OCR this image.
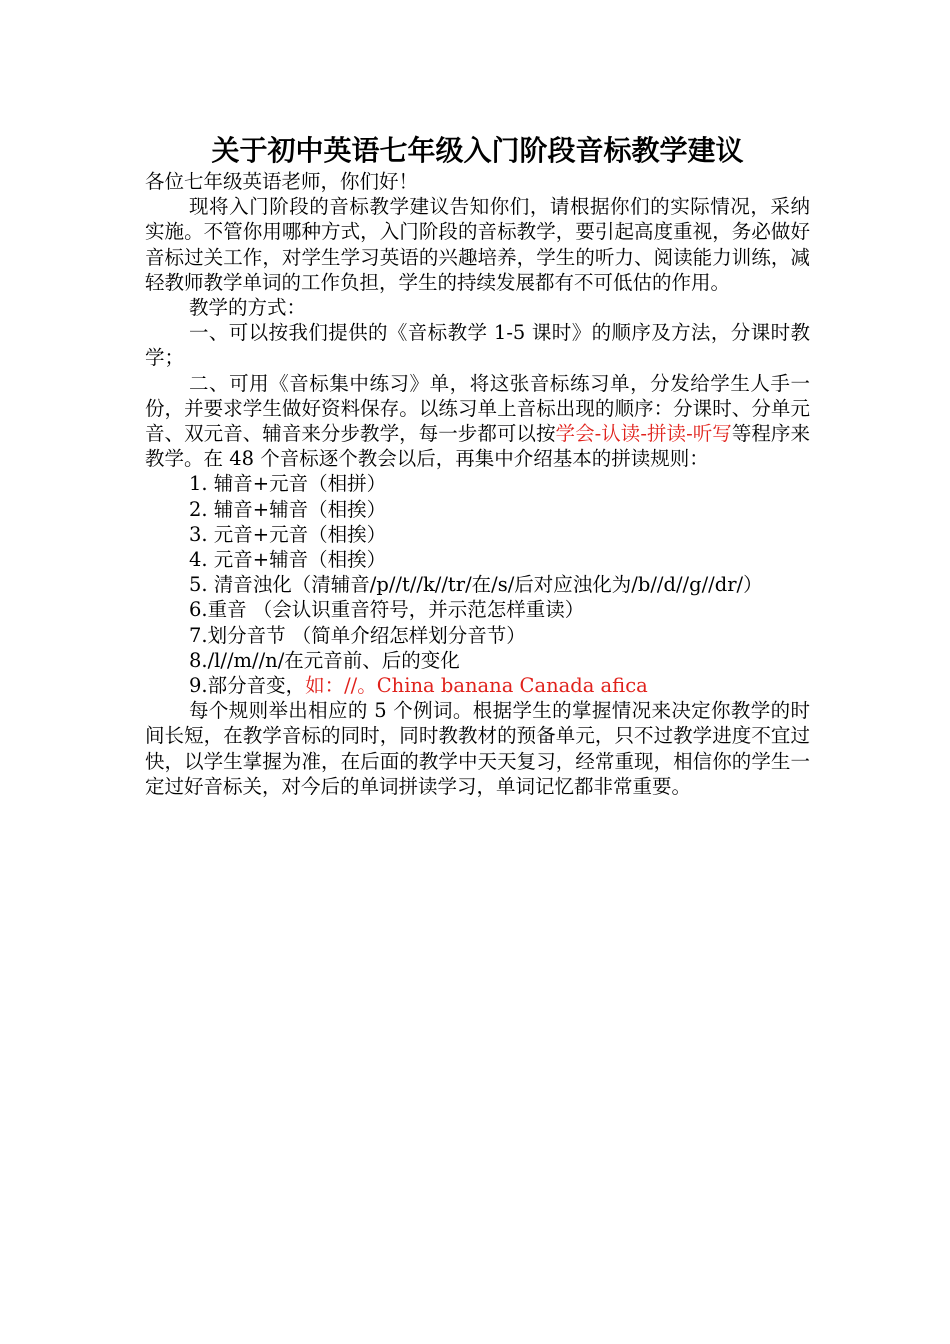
关于初中英语七年级入门阶段音标教学建议

各位七年级英语老师，你们好！

现将入门阶段的音标教学建议告知你们，请根据你们的实际情况，采纳实施。不管你用哪种方式，入门阶段的音标教学，要引起高度重视，务必做好音标过关工作，对学生学习英语的兴趣培养，学生的听力、阅读能力训练，减轻教师教学单词的工作负担，学生的持续发展都有不可低估的作用。

教学的方式：

一、可以按我们提供的《音标教学 1-5 课时》的顺序及方法，分课时教学；

二、可用《音标集中练习》单，将这张音标练习单，分发给学生人手一份，并要求学生做好资料保存。以练习单上音标出现的顺序：分课时、分单元音、双元音、辅音来分步教学，每一步都可以按学会-认读-拼读-听写等程序来教学。在 48 个音标逐个教会以后，再集中介绍基本的拼读规则：

1. 辅音+元音（相拼）

2. 辅音+辅音（相挨）

3. 元音+元音（相挨）

4. 元音+辅音（相挨）

5. 清音浊化（清辅音/p//t//k//tr/在/s/后对应浊化为/b//d//g//dr/）

6.重音 （会认识重音符号，并示范怎样重读）

7.划分音节 （简单介绍怎样划分音节）

8./l//m//n/在元音前、后的变化

9.部分音变，如：//。China banana Canada afica

每个规则举出相应的 5 个例词。根据学生的掌握情况来决定你教学的时间长短，在教学音标的同时，同时教教材的预备单元，只不过教学进度不宜过快，以学生掌握为准，在后面的教学中天天复习，经常重现，相信你的学生一定过好音标关，对今后的单词拼读学习，单词记忆都非常重要。
